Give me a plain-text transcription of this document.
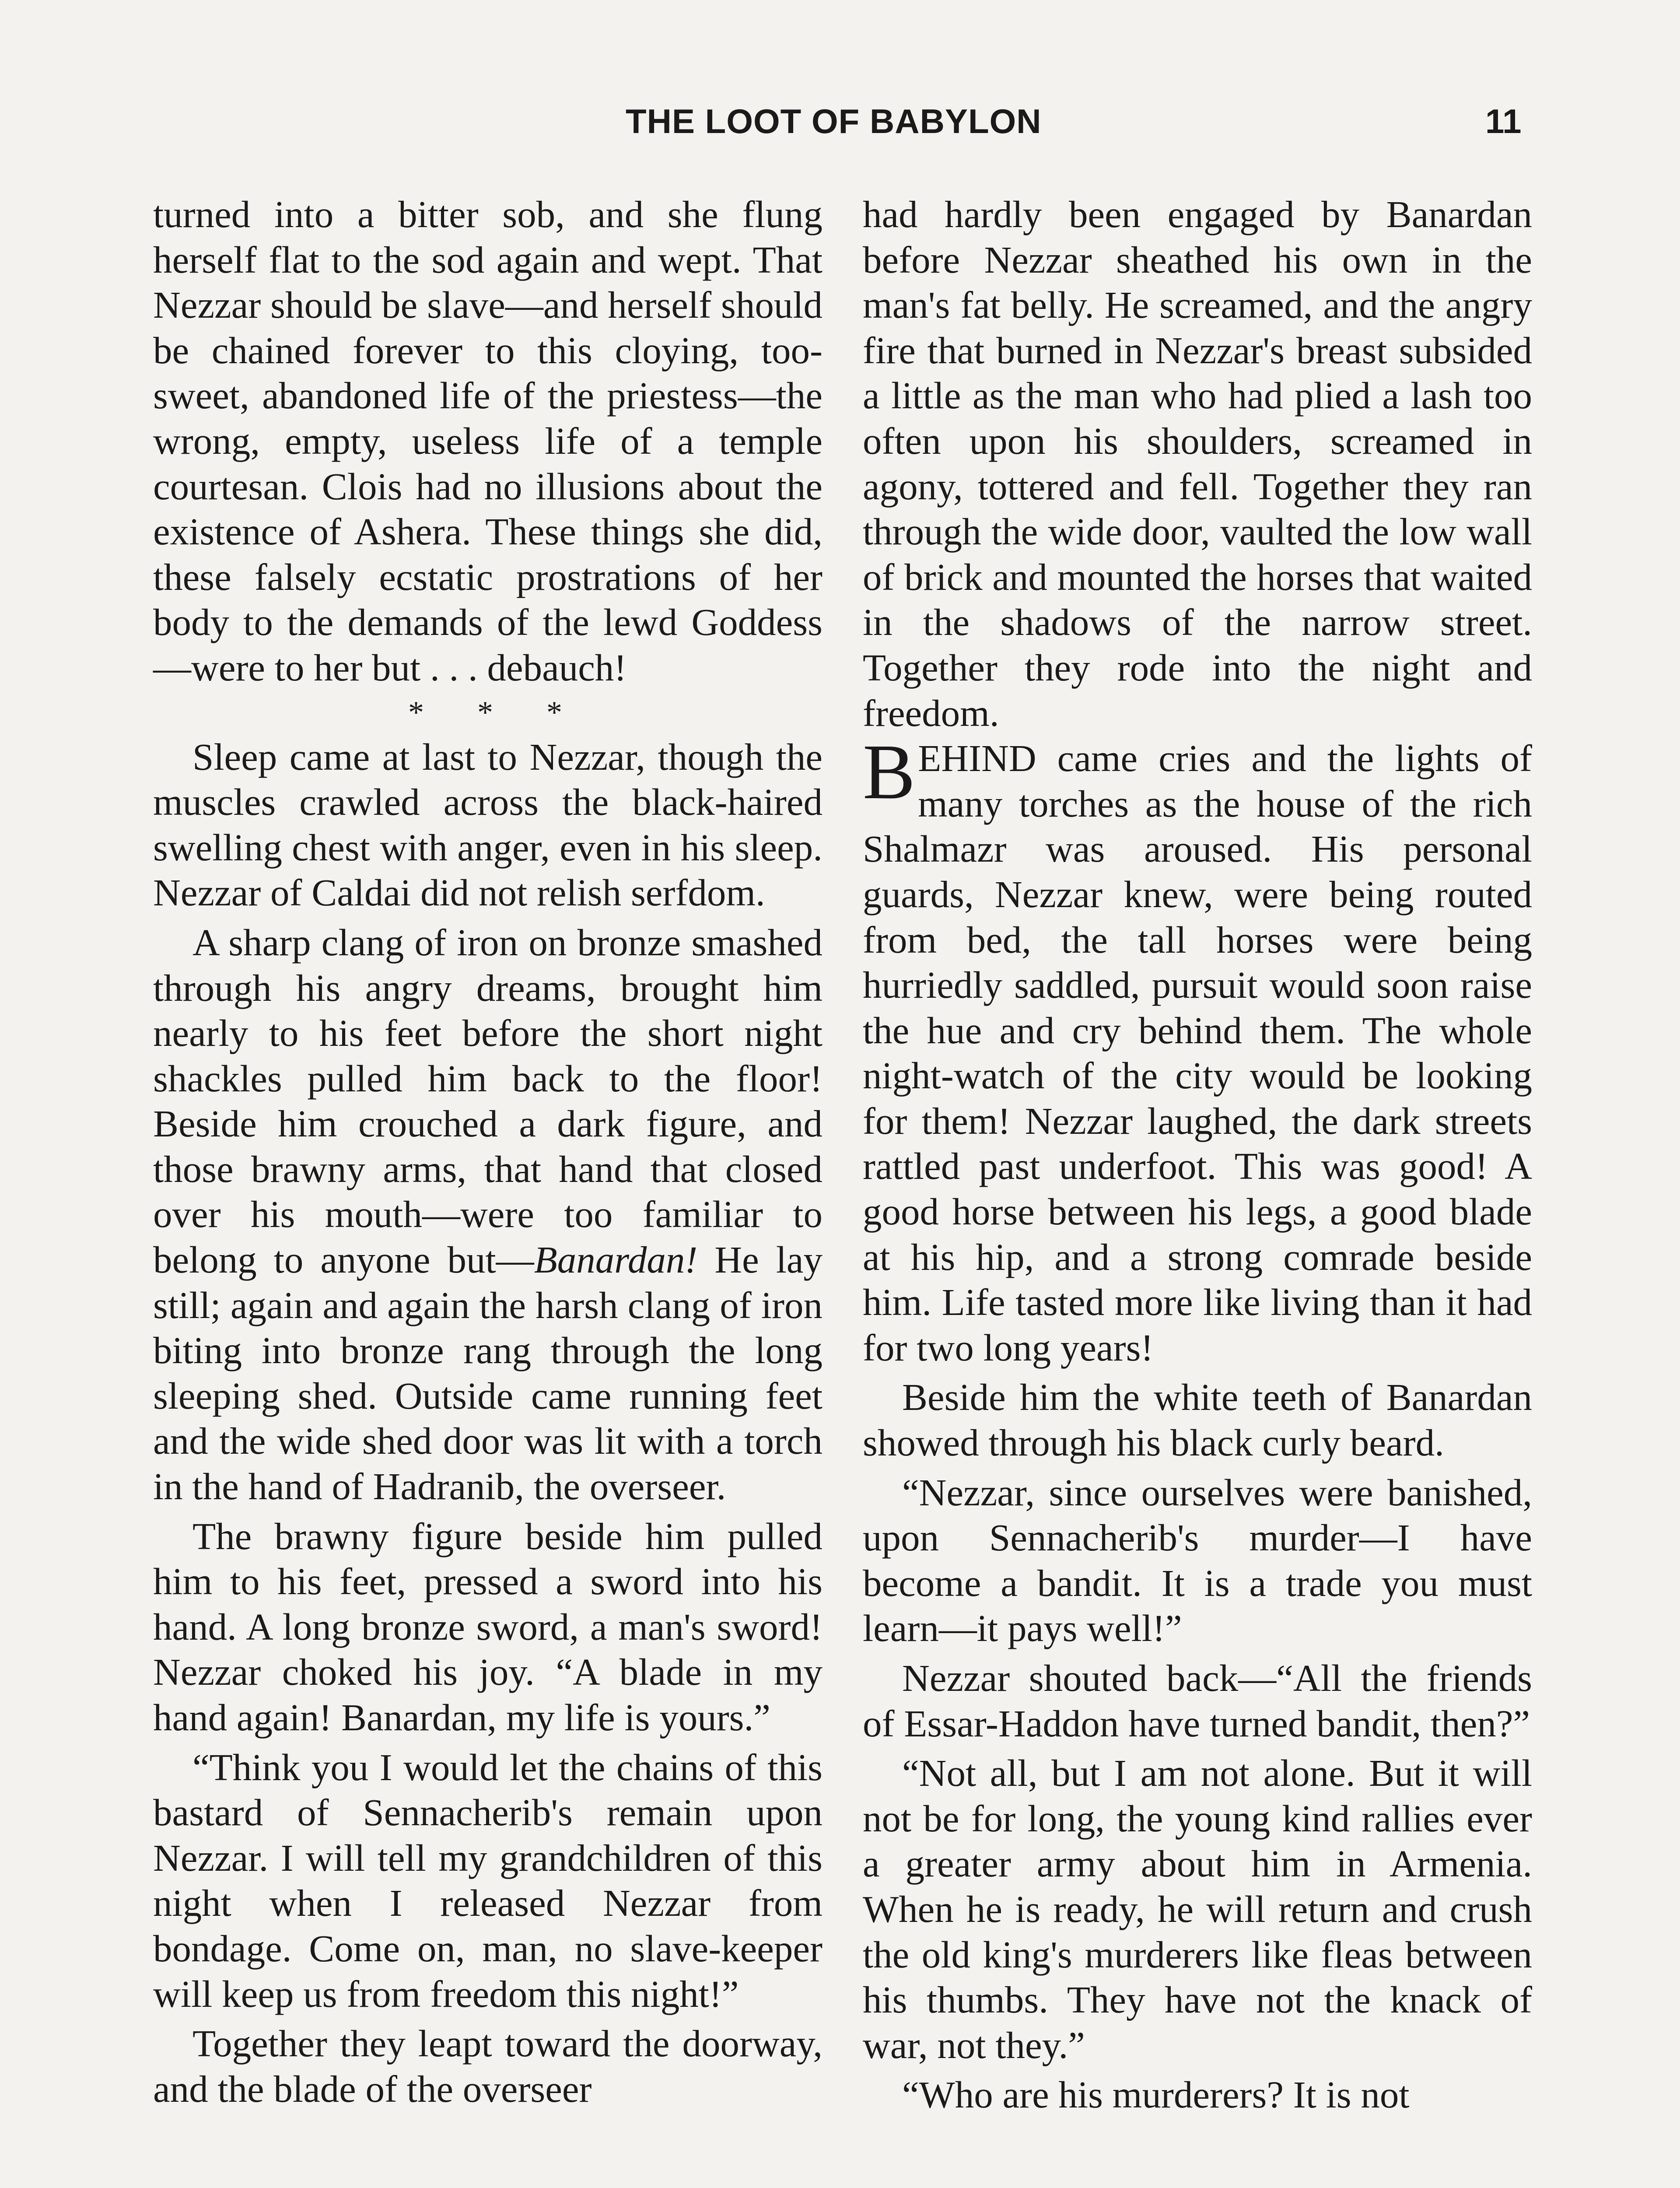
THE LOOT OF BABYLON	11

turned into a bitter sob, and she flung herself flat to the sod again and wept. That Nezzar should be slave—and herself should be chained forever to this cloying, too-sweet, abandoned life of the priestess—the wrong, empty, useless life of a temple courtesan. Clois had no illusions about the existence of Ashera. These things she did, these falsely ecstatic prostrations of her body to the demands of the lewd Goddess—were to her but . . . debauch!

* * *

Sleep came at last to Nezzar, though the muscles crawled across the black-haired swelling chest with anger, even in his sleep. Nezzar of Caldai did not relish serfdom.

A sharp clang of iron on bronze smashed through his angry dreams, brought him nearly to his feet before the short night shackles pulled him back to the floor! Beside him crouched a dark figure, and those brawny arms, that hand that closed over his mouth—were too familiar to belong to anyone but—Banardan! He lay still; again and again the harsh clang of iron biting into bronze rang through the long sleeping shed. Outside came running feet and the wide shed door was lit with a torch in the hand of Hadranib, the overseer.

The brawny figure beside him pulled him to his feet, pressed a sword into his hand. A long bronze sword, a man's sword! Nezzar choked his joy. “A blade in my hand again! Banardan, my life is yours.”

“Think you I would let the chains of this bastard of Sennacherib's remain upon Nezzar. I will tell my grandchildren of this night when I released Nezzar from bondage. Come on, man, no slave-keeper will keep us from freedom this night!”

Together they leapt toward the doorway, and the blade of the overseer

had hardly been engaged by Banardan before Nezzar sheathed his own in the man's fat belly. He screamed, and the angry fire that burned in Nezzar's breast subsided a little as the man who had plied a lash too often upon his shoulders, screamed in agony, tottered and fell. Together they ran through the wide door, vaulted the low wall of brick and mounted the horses that waited in the shadows of the narrow street. Together they rode into the night and freedom.

BEHIND came cries and the lights of many torches as the house of the rich Shalmazr was aroused. His personal guards, Nezzar knew, were being routed from bed, the tall horses were being hurriedly saddled, pursuit would soon raise the hue and cry behind them. The whole night-watch of the city would be looking for them! Nezzar laughed, the dark streets rattled past underfoot. This was good! A good horse between his legs, a good blade at his hip, and a strong comrade beside him. Life tasted more like living than it had for two long years!

Beside him the white teeth of Banardan showed through his black curly beard.

“Nezzar, since ourselves were banished, upon Sennacherib's murder—I have become a bandit. It is a trade you must learn—it pays well!”

Nezzar shouted back—“All the friends of Essar-Haddon have turned bandit, then?”

“Not all, but I am not alone. But it will not be for long, the young kind rallies ever a greater army about him in Armenia. When he is ready, he will return and crush the old king's murderers like fleas between his thumbs. They have not the knack of war, not they.”

“Who are his murderers? It is not
